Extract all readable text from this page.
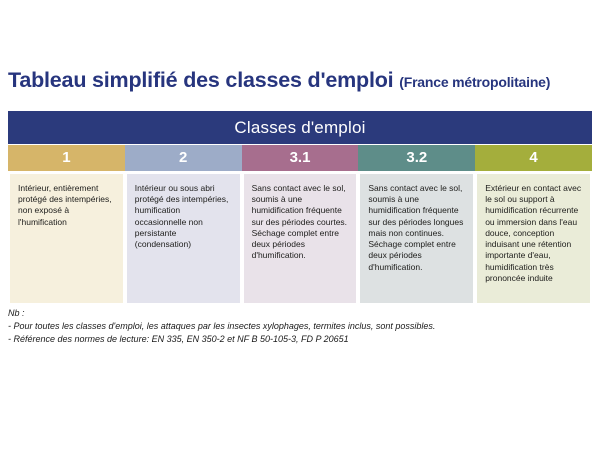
Tableau simplifié des classes d'emploi (France métropolitaine)
Classes d'emploi
1
Intérieur, entièrement protégé des intempéries, non exposé à l'humification
2
Intérieur ou sous abri protégé des intempéries, humification occasionnelle non persistante (condensation)
3.1
Sans contact avec le sol, soumis à une humidification fréquente sur des périodes courtes. Séchage complet entre deux périodes d'humification.
3.2
Sans contact avec le sol, soumis à une humidification fréquente sur des périodes longues mais non continues. Séchage complet entre deux périodes d'humification.
4
Extérieur en contact avec le sol ou support à humidification récurrente ou immersion dans l'eau douce, conception induisant une rétention importante d'eau, humidification très prononcée induite
Nb :
- Pour toutes les classes d'emploi, les attaques par les insectes xylophages, termites inclus, sont possibles.
- Référence des normes de lecture: EN 335, EN 350-2 et NF B 50-105-3, FD P 20651
